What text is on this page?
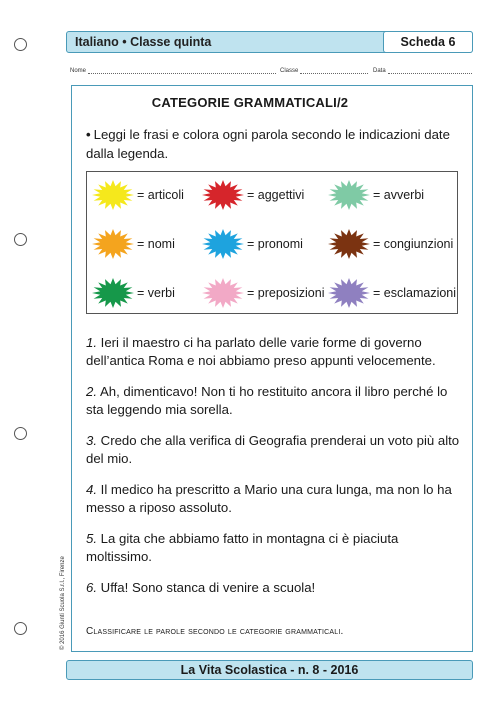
Italiano • Classe quinta	Scheda 6
Nome	Classe	Data
CATEGORIE GRAMMATICALI/2
• Leggi le frasi e colora ogni parola secondo le indicazioni date dalla legenda.
= articoli	= aggettivi	= avverbi
= nomi	= pronomi	= congiunzioni
= verbi	= preposizioni	= esclamazioni
1. Ieri il maestro ci ha parlato delle varie forme di governo dell’antica Roma e noi abbiamo preso appunti velocemente.
2. Ah, dimenticavo! Non ti ho restituito ancora il libro perché lo sta leggendo mia sorella.
3. Credo che alla verifica di Geografia prenderai un voto più alto del mio.
4. Il medico ha prescritto a Mario una cura lunga, ma non lo ha messo a riposo assoluto.
5. La gita che abbiamo fatto in montagna ci è piaciuta moltissimo.
6. Uffa! Sono stanca di venire a scuola!
Classificare le parole secondo le categorie grammaticali.
La Vita Scolastica - n. 8 - 2016
© 2016 Giunti Scuola S.r.l., Firenze
